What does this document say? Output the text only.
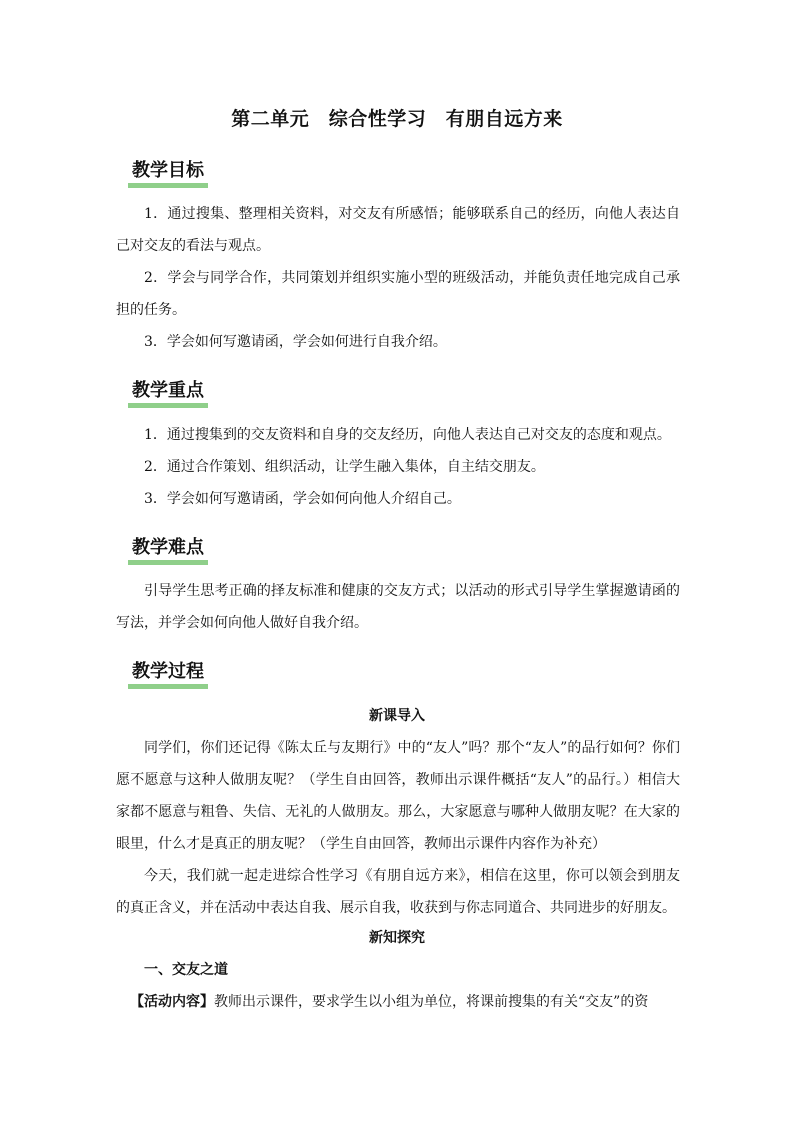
第二单元　综合性学习　有朋自远方来
教学目标
1．通过搜集、整理相关资料，对交友有所感悟；能够联系自己的经历，向他人表达自己对交友的看法与观点。
2．学会与同学合作，共同策划并组织实施小型的班级活动，并能负责任地完成自己承担的任务。
3．学会如何写邀请函，学会如何进行自我介绍。
教学重点
1．通过搜集到的交友资料和自身的交友经历，向他人表达自己对交友的态度和观点。
2．通过合作策划、组织活动，让学生融入集体，自主结交朋友。
3．学会如何写邀请函，学会如何向他人介绍自己。
教学难点
引导学生思考正确的择友标准和健康的交友方式；以活动的形式引导学生掌握邀请函的写法，并学会如何向他人做好自我介绍。
教学过程
新课导入
同学们，你们还记得《陈太丘与友期行》中的“友人”吗？那个“友人”的品行如何？你们愿不愿意与这种人做朋友呢？（学生自由回答，教师出示课件概括“友人”的品行。）相信大家都不愿意与粗鲁、失信、无礼的人做朋友。那么，大家愿意与哪种人做朋友呢？在大家的眼里，什么才是真正的朋友呢？（学生自由回答，教师出示课件内容作为补充）
今天，我们就一起走进综合性学习《有朋自远方来》，相信在这里，你可以领会到朋友的真正含义，并在活动中表达自我、展示自我，收获到与你志同道合、共同进步的好朋友。
新知探究
一、交友之道
【活动内容】教师出示课件，要求学生以小组为单位，将课前搜集的有关“交友”的资
